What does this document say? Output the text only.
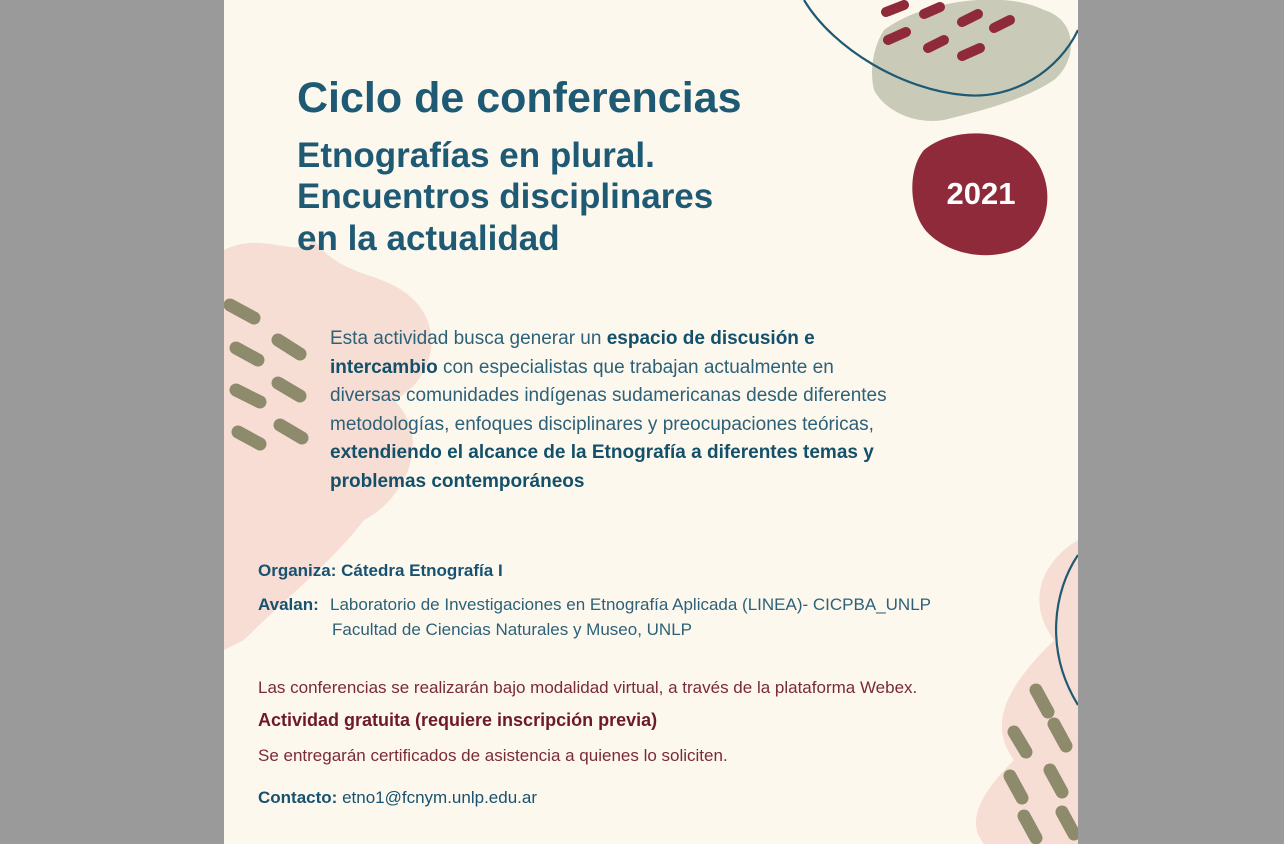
Ciclo de conferencias
Etnografías en plural.
Encuentros disciplinares
en la actualidad
2021
Esta actividad busca generar un espacio de discusión e
intercambio con especialistas que trabajan actualmente en
diversas comunidades indígenas sudamericanas desde diferentes
metodologías, enfoques disciplinares y preocupaciones teóricas,
extendiendo el alcance de la Etnografía a diferentes temas y
problemas contemporáneos
Organiza: Cátedra Etnografía I
Avalan: Laboratorio de Investigaciones en Etnografía Aplicada (LINEA)- CICPBA_UNLP
Facultad de Ciencias Naturales y Museo, UNLP
Las conferencias se realizarán bajo modalidad virtual, a través de la plataforma Webex.
Actividad gratuita (requiere inscripción previa)
Se entregarán certificados de asistencia a quienes lo soliciten.
Contacto: etno1@fcnym.unlp.edu.ar
